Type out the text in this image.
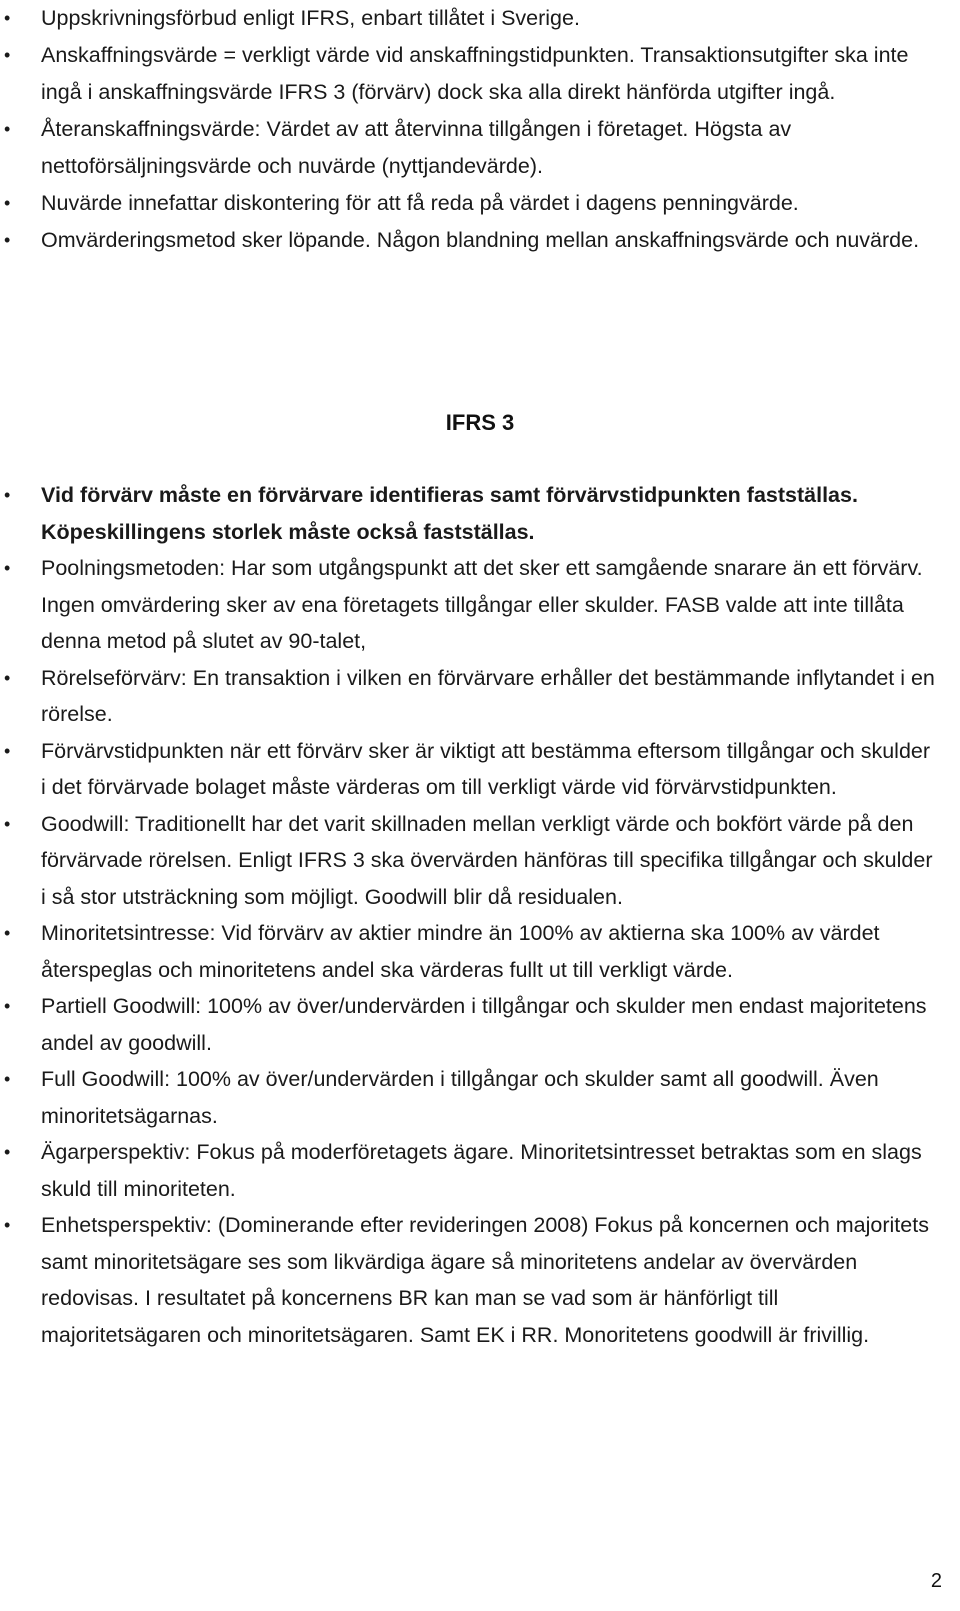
• Uppskrivningsförbud enligt IFRS, enbart tillåtet i Sverige.
• Anskaffningsvärde = verkligt värde vid anskaffningstidpunkten. Transaktionsutgifter ska inte ingå i anskaffningsvärde IFRS 3 (förvärv) dock ska alla direkt hänförda utgifter ingå.
• Återanskaffningsvärde: Värdet av att återvinna tillgången i företaget. Högsta av nettoförsäljningsvärde och nuvärde (nyttjandevärde).
• Nuvärde innefattar diskontering för att få reda på värdet i dagens penningvärde.
• Omvärderingsmetod sker löpande. Någon blandning mellan anskaffningsvärde och nuvärde.
IFRS 3
• Vid förvärv måste en förvärvare identifieras samt förvärvstidpunkten fastställas. Köpeskillingens storlek måste också fastställas.
• Poolningsmetoden: Har som utgångspunkt att det sker ett samgående snarare än ett förvärv. Ingen omvärdering sker av ena företagets tillgångar eller skulder. FASB valde att inte tillåta denna metod på slutet av 90-talet,
• Rörelseförvärv: En transaktion i vilken en förvärvare erhåller det bestämmande inflytandet i en rörelse.
• Förvärvstidpunkten när ett förvärv sker är viktigt att bestämma eftersom tillgångar och skulder i det förvärvade bolaget måste värderas om till verkligt värde vid förvärvstidpunkten.
• Goodwill: Traditionellt har det varit skillnaden mellan verkligt värde och bokfört värde på den förvärvade rörelsen. Enligt IFRS 3 ska övervärden hänföras till specifika tillgångar och skulder i så stor utsträckning som möjligt. Goodwill blir då residualen.
• Minoritetsintresse: Vid förvärv av aktier mindre än 100% av aktierna ska 100% av värdet återspeglas och minoritetens andel ska värderas fullt ut till verkligt värde.
• Partiell Goodwill: 100% av över/undervärden i tillgångar och skulder men endast majoritetens andel av goodwill.
• Full Goodwill: 100% av över/undervärden i tillgångar och skulder samt all goodwill. Även minoritetsägarnas.
• Ägarperspektiv: Fokus på moderföretagets ägare. Minoritetsintresset betraktas som en slags skuld till minoriteten.
• Enhetsperspektiv: (Dominerande efter revideringen 2008) Fokus på koncernen och majoritets samt minoritetsägare ses som likvärdiga ägare så minoritetens andelar av övervärden redovisas. I resultatet på koncernens BR kan man se vad som är hänförligt till majoritetsägaren och minoritetsägaren. Samt EK i RR. Monoritetens goodwill är frivillig.
2
